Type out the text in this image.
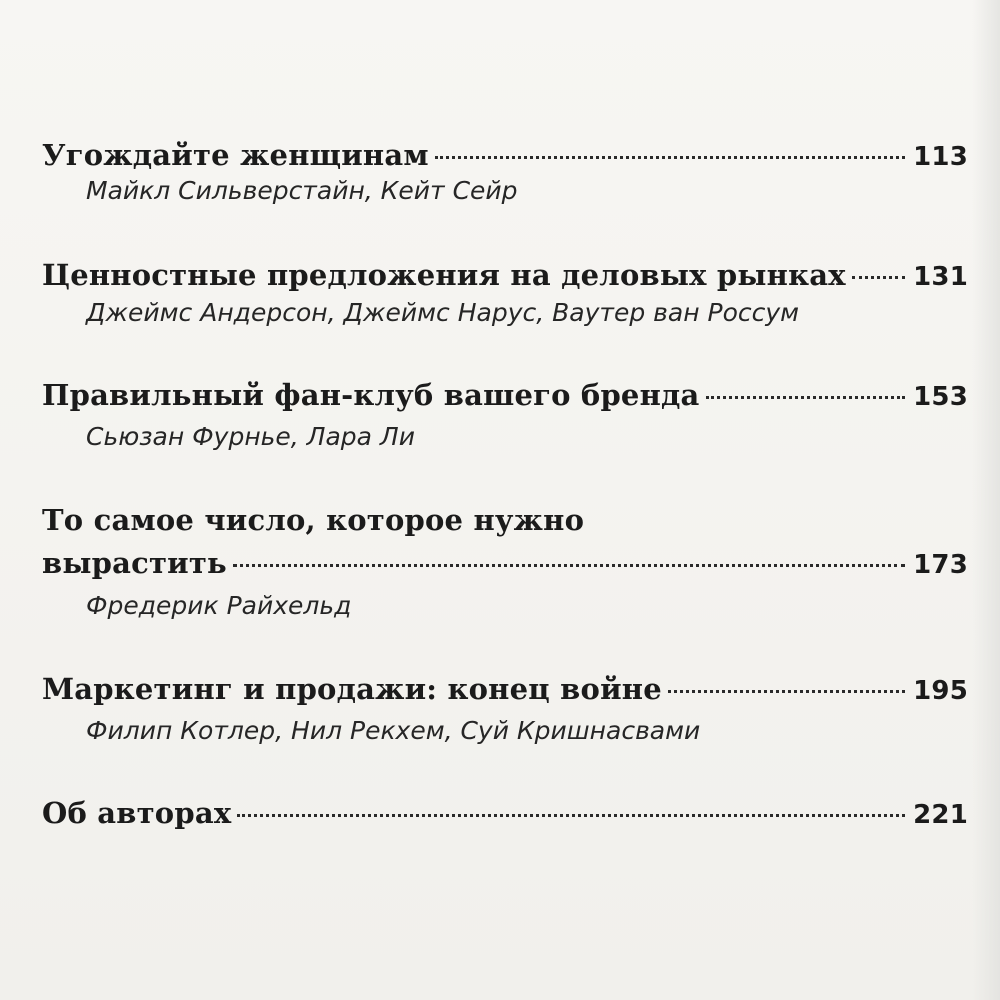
Угождайте женщинам	113
Майкл Сильверстайн, Кейт Сейр
Ценностные предложения на деловых рынках	131
Джеймс Андерсон, Джеймс Нарус, Ваутер ван Россум
Правильный фан-клуб вашего бренда	153
Сьюзан Фурнье, Лара Ли
То самое число, которое нужно
вырастить	173
Фредерик Райхельд
Маркетинг и продажи: конец войне	195
Филип Котлер, Нил Рекхем, Суй Кришнасвами
Об авторах	221
